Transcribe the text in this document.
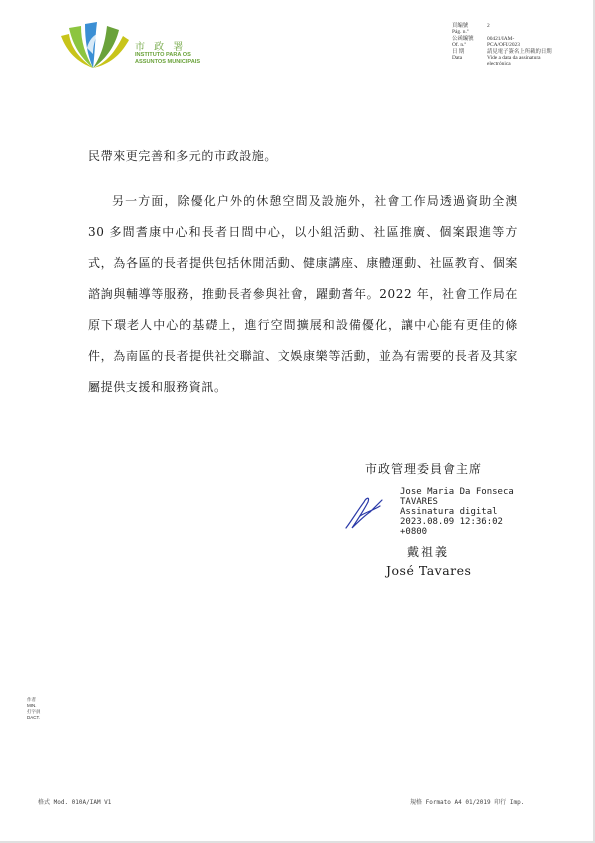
市 政 署
INSTITUTO PARA OS
ASSUNTOS MUNICIPAIS
頁編號	2
Pág. n.º
公函編號	00421/IAM-
Of. n.º	PCA/OFI/2023
日 期	請見電子簽名上所載的日期
Data	Vide a data da assinatura
electrónica
民帶來更完善和多元的市政設施。
另一方面，除優化户外的休憩空間及設施外，社會工作局透過資助全澳 30 多間耆康中心和長者日間中心，以小組活動、社區推廣、個案跟進等方式，為各區的長者提供包括休閒活動、健康講座、康體運動、社區教育、個案諮詢與輔導等服務，推動長者參與社會，躍動耆年。2022 年，社會工作局在原下環老人中心的基礎上，進行空間擴展和設備優化，讓中心能有更佳的條件，為南區的長者提供社交聯誼、文娛康樂等活動，並為有需要的長者及其家屬提供支援和服務資訊。
市政管理委員會主席
Jose Maria Da Fonseca
TAVARES
Assinatura digital
2023.08.09 12:36:02
+0800
戴祖義
José Tavares
作者
MIN.
打字員
DACT.
格式 Mod. 010A/IAM V1	規格 Formato A4 01/2019 印行 Imp.
